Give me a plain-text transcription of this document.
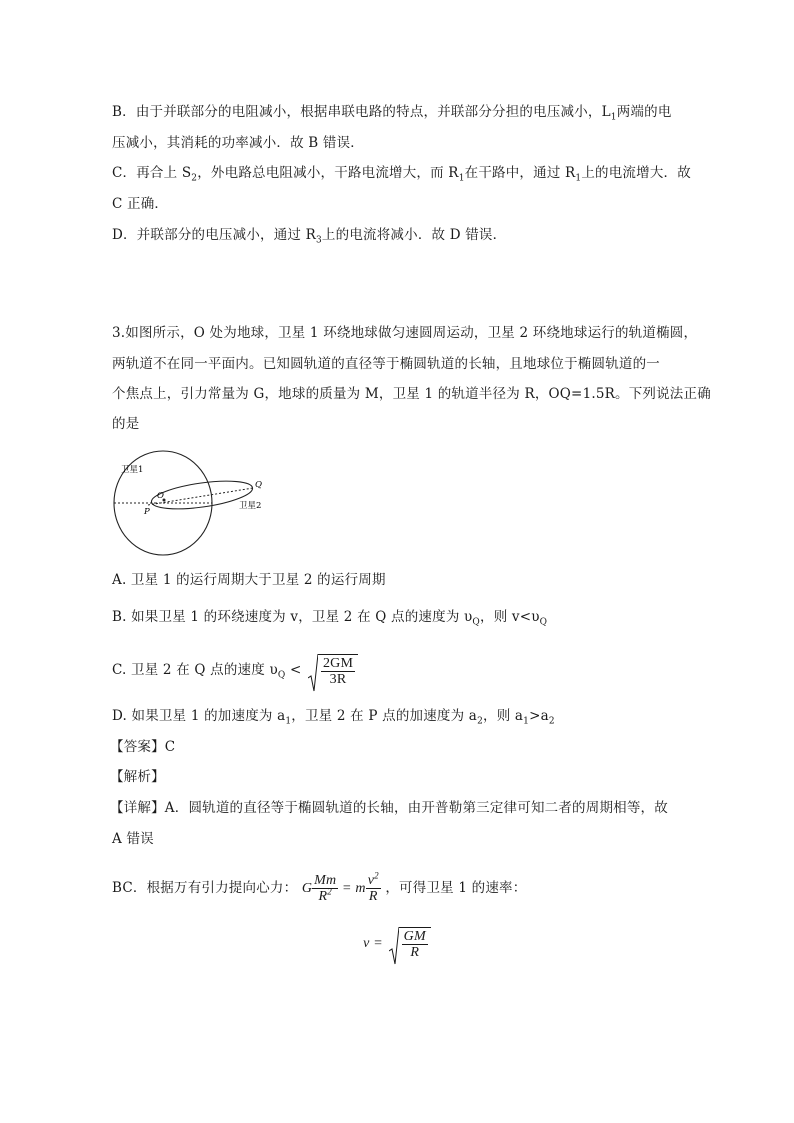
B．由于并联部分的电阻减小，根据串联电路的特点，并联部分分担的电压减小，$L_1$两端的电
压减小，其消耗的功率减小．故 B 错误．
C．再合上 $S_2$，外电路总电阻减小，干路电流增大，而 $R_1$在干路中，通过 $R_1$上的电流增大．故
C 正确．
D．并联部分的电压减小，通过 $R_3$上的电流将减小．故 D 错误．
3.如图所示，O 处为地球，卫星 1 环绕地球做匀速圆周运动，卫星 2 环绕地球运行的轨道椭圆，
两轨道不在同一平面内。已知圆轨道的直径等于椭圆轨道的长轴，且地球位于椭圆轨道的一
个焦点上，引力常量为 G，地球的质量为 M，卫星 1 的轨道半径为 R，OQ=1.5R。下列说法正确
的是
卫星1
卫星2
Q
O
P
A. 卫星 1 的运行周期大于卫星 2 的运行周期
B. 如果卫星 1 的环绕速度为 v，卫星 2 在 Q 点的速度为 $\upsilon_Q$，则 $v<\upsilon_Q$
C. 卫星 2 在 Q 点的速度 $\upsilon_Q < \frac{2GM}{3R}$
D. 如果卫星 1 的加速度为 $a_1$，卫星 2 在 P 点的加速度为 $a_2$，则 $a_1>a_2$
【答案】C
【解析】
【详解】A．圆轨道的直径等于椭圆轨道的长轴，由开普勒第三定律可知二者的周期相等，故
A 错误
BC．根据万有引力提向心力： G $\frac{Mm}{R^2} = m \frac{v^2}{R}$ ，可得卫星 1 的速率：
$v = \frac{GM}{R}$
